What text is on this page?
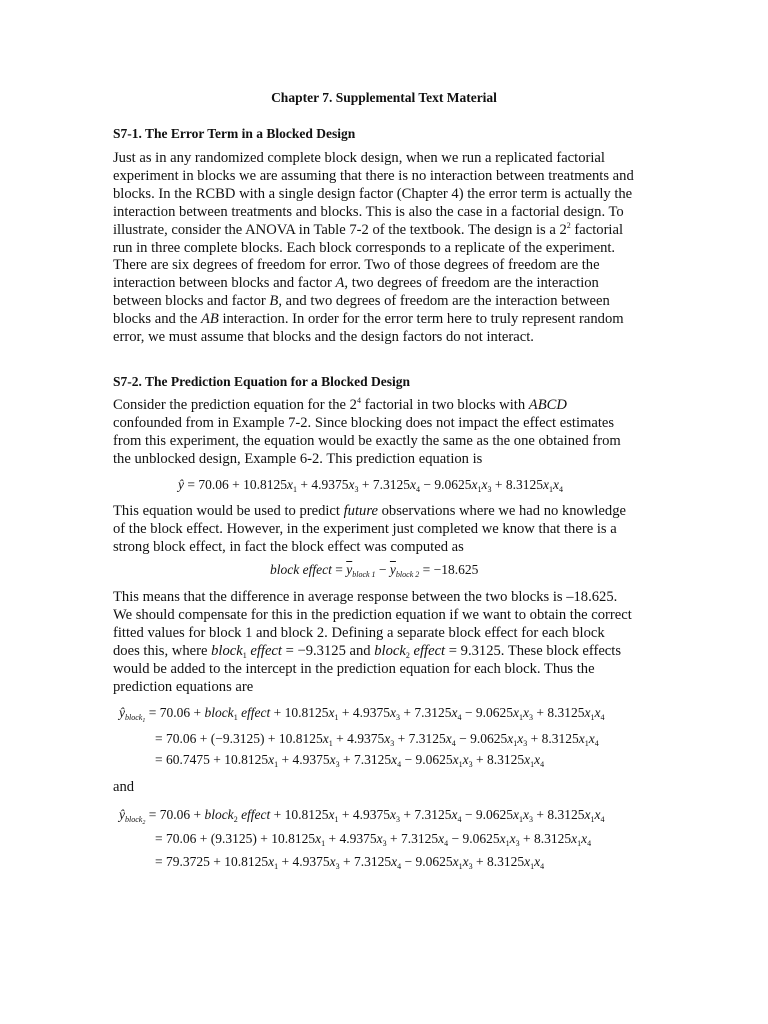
Chapter 7. Supplemental Text Material
S7-1. The Error Term in a Blocked Design
Just as in any randomized complete block design, when we run a replicated factorial
experiment in blocks we are assuming that there is no interaction between treatments and
blocks. In the RCBD with a single design factor (Chapter 4) the error term is actually the
interaction between treatments and blocks. This is also the case in a factorial design. To
illustrate, consider the ANOVA in Table 7-2 of the textbook. The design is a $2^2$ factorial
run in three complete blocks. Each block corresponds to a replicate of the experiment.
There are six degrees of freedom for error. Two of those degrees of freedom are the
interaction between blocks and factor A, two degrees of freedom are the interaction
between blocks and factor B, and two degrees of freedom are the interaction between
blocks and the AB interaction. In order for the error term here to truly represent random
error, we must assume that blocks and the design factors do not interact.
S7-2. The Prediction Equation for a Blocked Design
Consider the prediction equation for the $2^4$ factorial in two blocks with ABCD
confounded from in Example 7-2. Since blocking does not impact the effect estimates
from this experiment, the equation would be exactly the same as the one obtained from
the unblocked design, Example 6-2. This prediction equation is
ŷ = $70.06 + 10.8125x_1 + 4.9375x_3 + 7.3125x_4 - 9.0625x_1x_3 + 8.3125x_1x_4$
This equation would be used to predict future observations where we had no knowledge
of the block effect. However, in the experiment just completed we know that there is a
strong block effect, in fact the block effect was computed as
block effect = $\overline{y}_{block 1} - \overline{y}_{block 2} = -18.625$
This means that the difference in average response between the two blocks is –18.625.
We should compensate for this in the prediction equation if we want to obtain the correct
fitted values for block 1 and block 2. Defining a separate block effect for each block
does this, where block$_1$ effect = −9.3125 and block$_2$ effect = 9.3125. These block effects
would be added to the intercept in the prediction equation for each block. Thus the
prediction equations are
$ŷ_{block_1} = 70.06$ + block$_1$ effect + $10.8125x_1 + 4.9375x_3 + 7.3125x_4 - 9.0625x_1x_3 + 8.3125x_1x_4$
= $70.06 + (-9.3125) + 10.8125x_1 + 4.9375x_3 + 7.3125x_4 - 9.0625x_1x_3 + 8.3125x_1x_4$
= $60.7475 + 10.8125x_1 + 4.9375x_3 + 7.3125x_4 - 9.0625x_1x_3 + 8.3125x_1x_4$
and
$ŷ_{block_2} = 70.06$ + block$_2$ effect + $10.8125x_1 + 4.9375x_3 + 7.3125x_4 - 9.0625x_1x_3 + 8.3125x_1x_4$
= $70.06 + (9.3125) + 10.8125x_1 + 4.9375x_3 + 7.3125x_4 - 9.0625x_1x_3 + 8.3125x_1x_4$
= $79.3725 + 10.8125x_1 + 4.9375x_3 + 7.3125x_4 - 9.0625x_1x_3 + 8.3125x_1x_4$
